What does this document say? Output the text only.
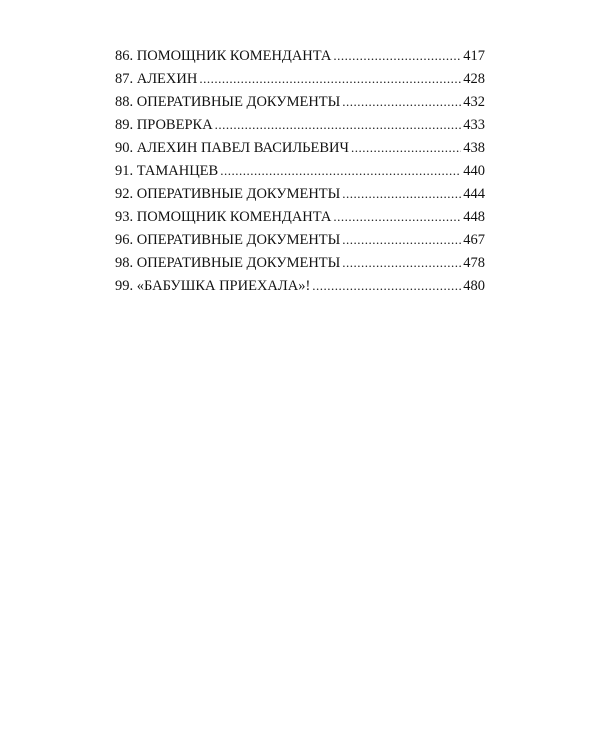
86. ПОМОЩНИК КОМЕНДАНТА .....	417
87. АЛЕХИН .....	428
88. ОПЕРАТИВНЫЕ ДОКУМЕНТЫ .....	432
89. ПРОВЕРКА .....	433
90. АЛЕХИН ПАВЕЛ ВАСИЛЬЕВИЧ .....	438
91. ТАМАНЦЕВ .....	440
92. ОПЕРАТИВНЫЕ ДОКУМЕНТЫ .....	444
93. ПОМОЩНИК КОМЕНДАНТА .....	448
96. ОПЕРАТИВНЫЕ ДОКУМЕНТЫ .....	467
98. ОПЕРАТИВНЫЕ ДОКУМЕНТЫ .....	478
99. «БАБУШКА ПРИЕХАЛА»! .....	480
